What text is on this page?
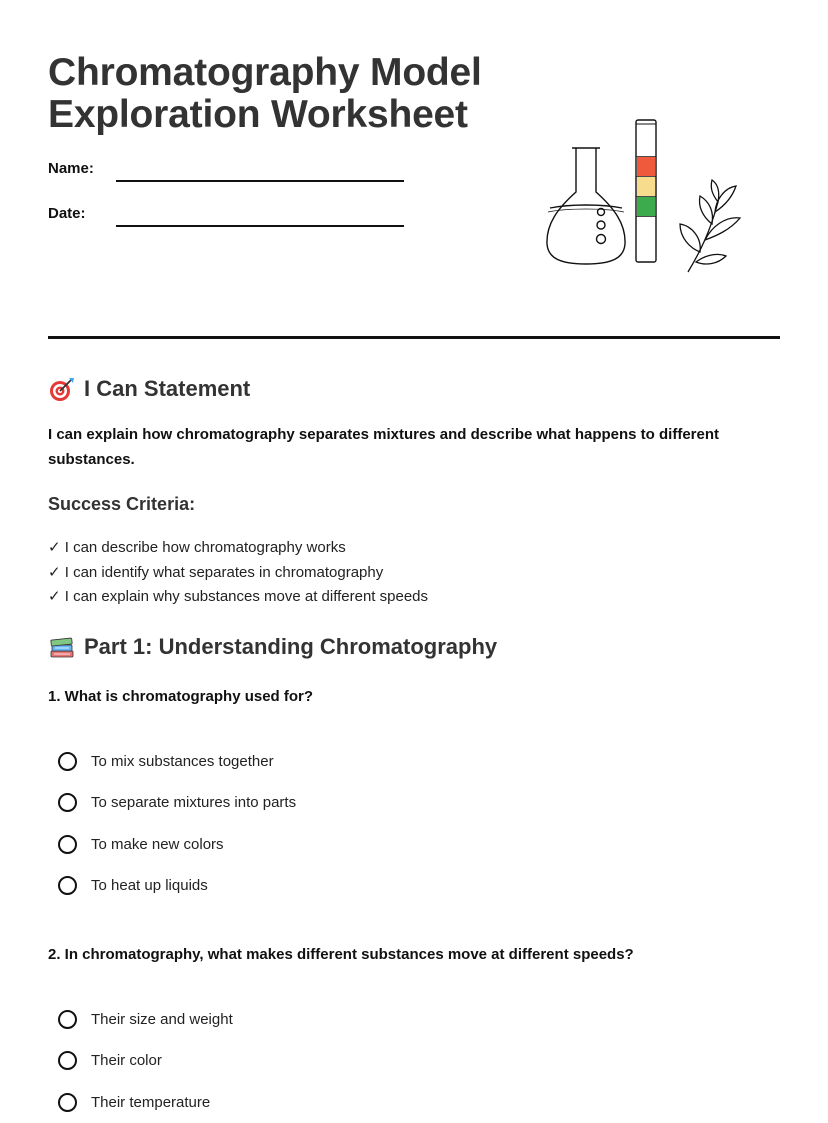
Chromatography Model Exploration Worksheet
Name:
Date:
I Can Statement

I can explain how chromatography separates mixtures and describe what happens to different substances.

Success Criteria:
✓ I can describe how chromatography works
✓ I can identify what separates in chromatography
✓ I can explain why substances move at different speeds
Part 1: Understanding Chromatography

1. What is chromatography used for?

To mix substances together
To separate mixtures into parts
To make new colors
To heat up liquids

2. In chromatography, what makes different substances move at different speeds?

Their size and weight
Their color
Their temperature
